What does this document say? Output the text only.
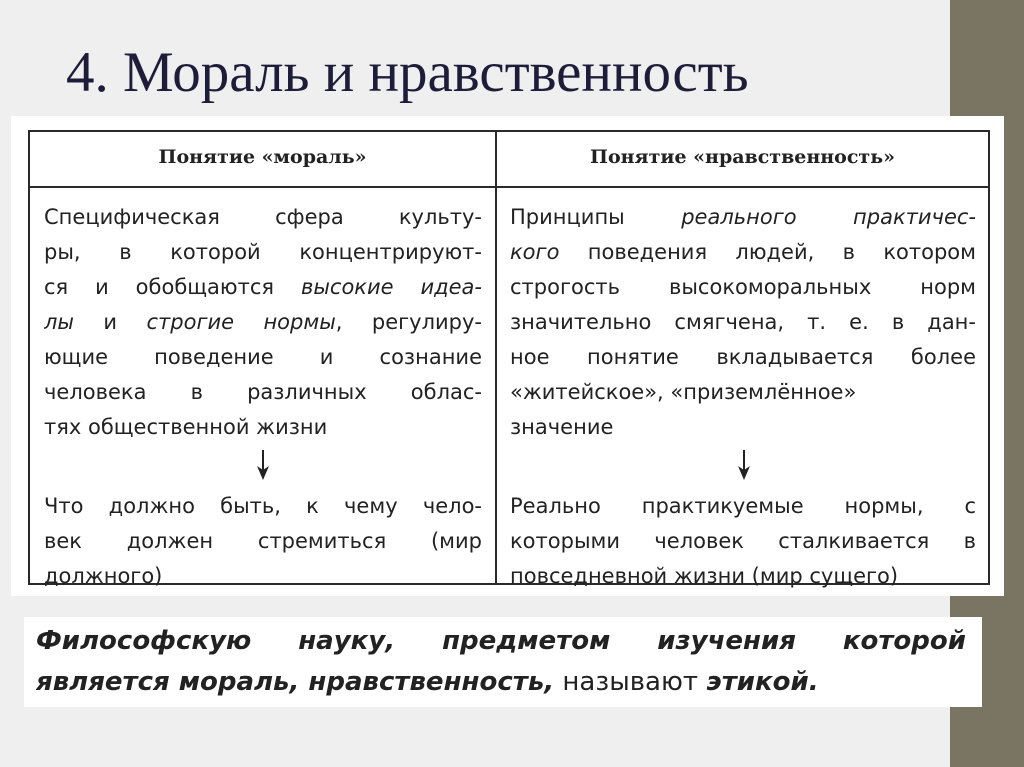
4. Мораль и нравственность
Понятие «мораль»	Понятие «нравственность»
Специфическая сфера культу-
ры, в которой концентрируют-
ся и обобщаются высокие идеа-
лы и строгие нормы, регулиру-
ющие поведение и сознание
человека в различных облас-
тях общественной жизни
Что должно быть, к чему чело-
век должен стремиться (мир
должного)
Принципы реального практичес-
кого поведения людей, в котором
строгость высокоморальных норм
значительно смягчена, т. е. в дан-
ное понятие вкладывается более
«житейское», «приземлённое»
значение
Реально практикуемые нормы, с
которыми человек сталкивается в
повседневной жизни (мир сущего)
Философскую науку, предметом изучения которой
является мораль, нравственность, называют этикой.
